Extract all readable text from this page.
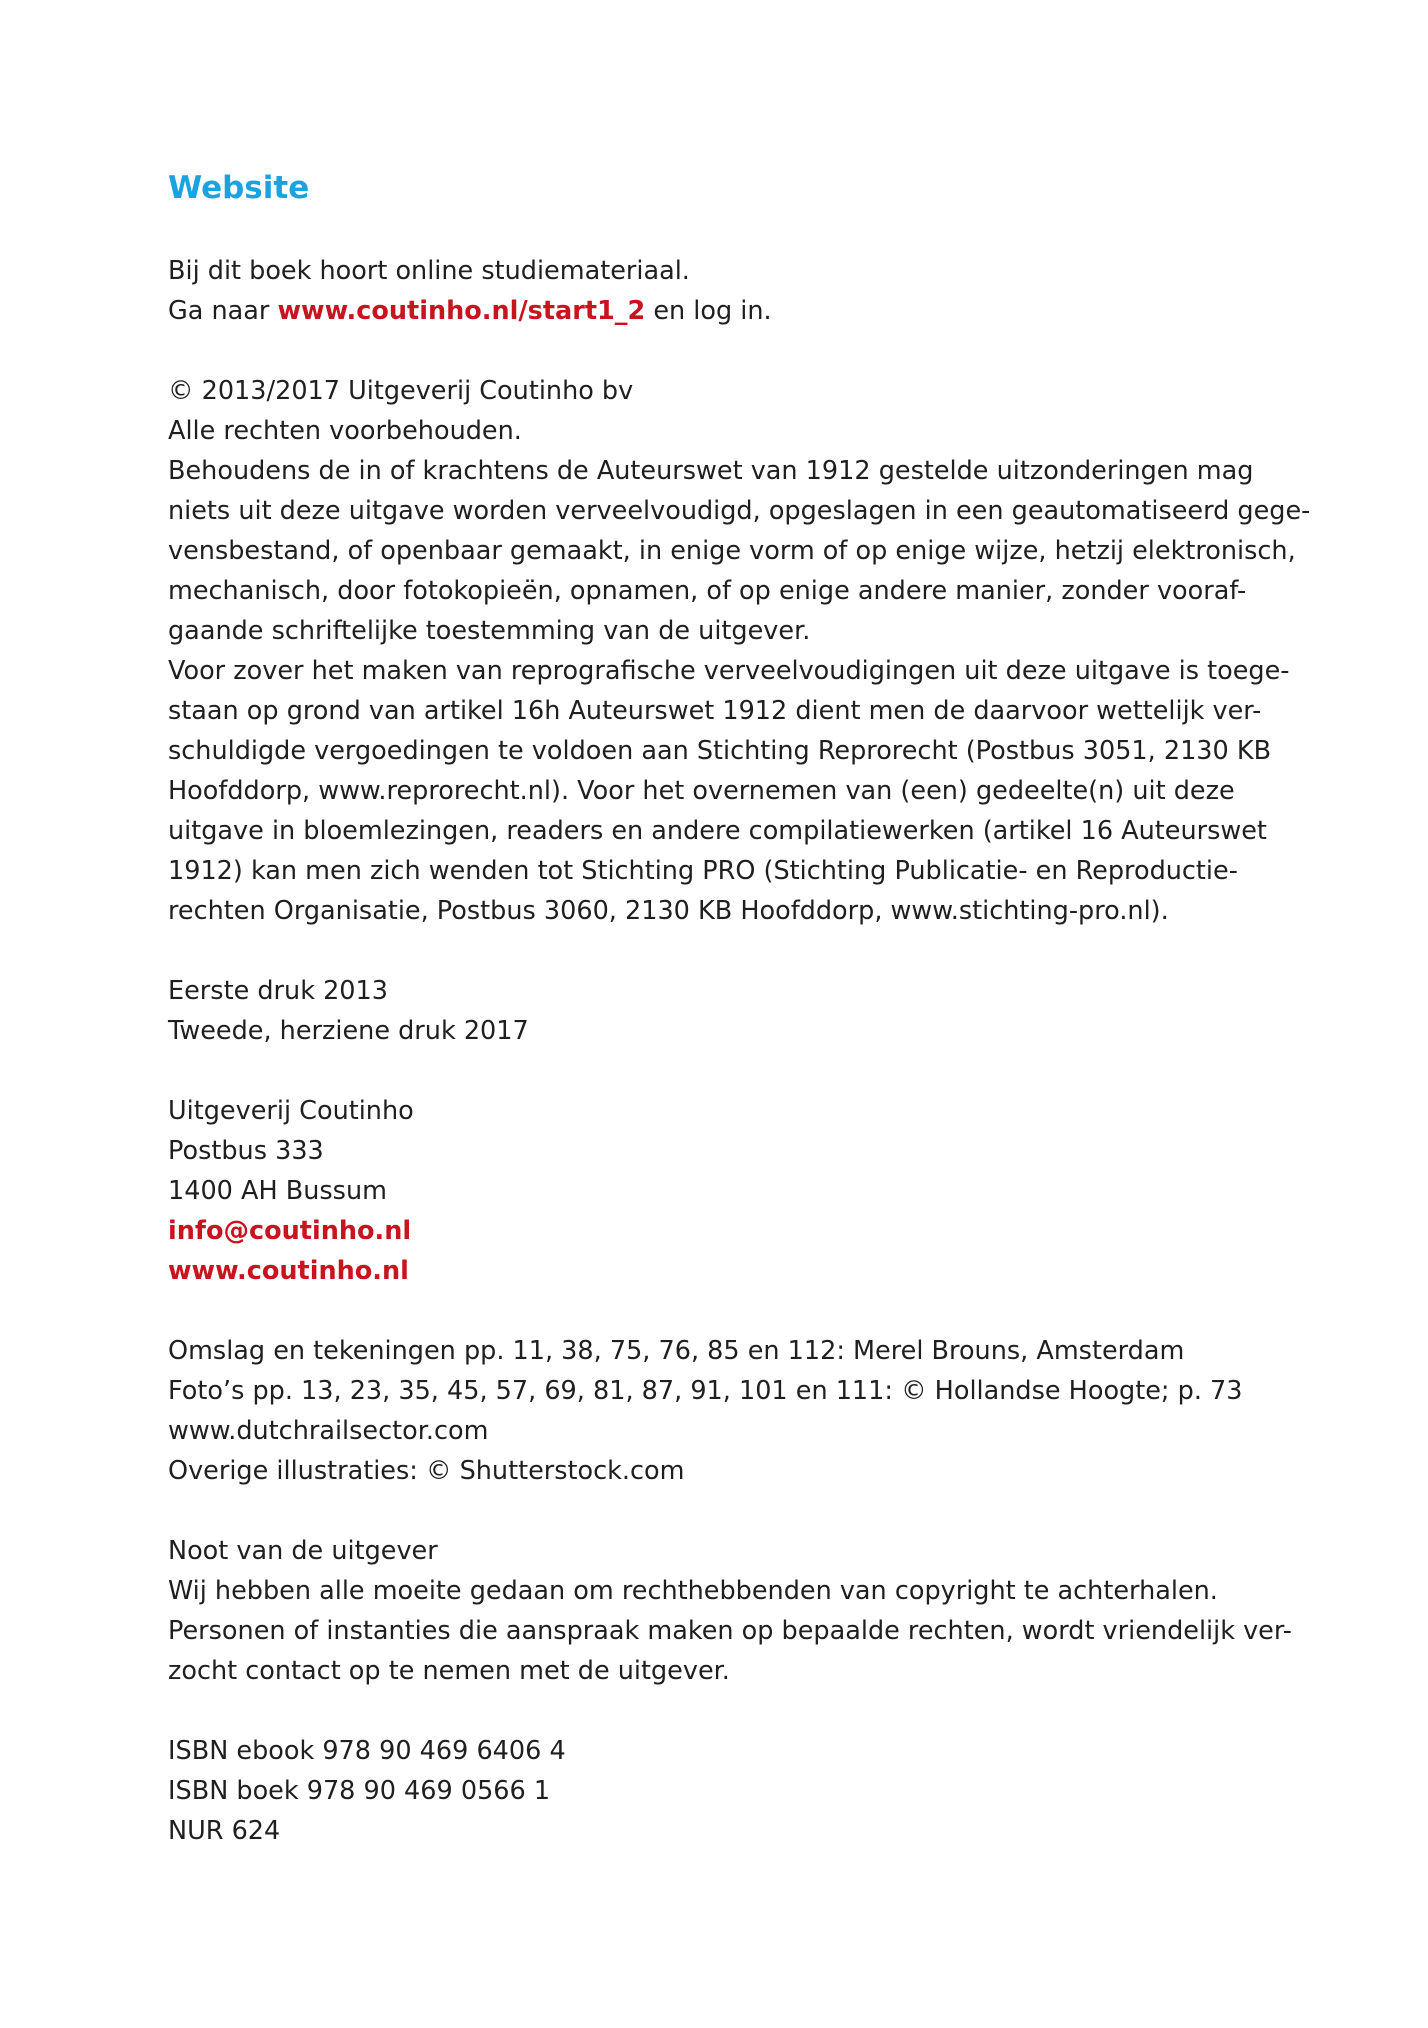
Website
Bij dit boek hoort online studiemateriaal.
Ga naar www.coutinho.nl/start1_2 en log in.
© 2013/2017 Uitgeverij Coutinho bv
Alle rechten voorbehouden.
Behoudens de in of krachtens de Auteurswet van 1912 gestelde uitzonderingen mag
niets uit deze uitgave worden verveelvoudigd, opgeslagen in een geautomatiseerd gege-
vensbestand, of openbaar gemaakt, in enige vorm of op enige wijze, hetzij elektronisch,
mechanisch, door fotokopieën, opnamen, of op enige andere manier, zonder vooraf-
gaande schriftelijke toestemming van de uitgever.
Voor zover het maken van reprografische verveelvoudigingen uit deze uitgave is toege-
staan op grond van artikel 16h Auteurswet 1912 dient men de daarvoor wettelijk ver-
schuldigde vergoedingen te voldoen aan Stichting Reprorecht (Postbus 3051, 2130 KB
Hoofddorp, www.reprorecht.nl). Voor het overnemen van (een) gedeelte(n) uit deze
uitgave in bloemlezingen, readers en andere compilatiewerken (artikel 16 Auteurswet
1912) kan men zich wenden tot Stichting PRO (Stichting Publicatie- en Reproductie-
rechten Organisatie, Postbus 3060, 2130 KB Hoofddorp, www.stichting-pro.nl).
Eerste druk 2013
Tweede, herziene druk 2017
Uitgeverij Coutinho
Postbus 333
1400 AH Bussum
info@coutinho.nl
www.coutinho.nl
Omslag en tekeningen pp. 11, 38, 75, 76, 85 en 112: Merel Brouns, Amsterdam
Foto’s pp. 13, 23, 35, 45, 57, 69, 81, 87, 91, 101 en 111: © Hollandse Hoogte; p. 73
www.dutchrailsector.com
Overige illustraties: © Shutterstock.com
Noot van de uitgever
Wij hebben alle moeite gedaan om rechthebbenden van copyright te achterhalen.
Personen of instanties die aanspraak maken op bepaalde rechten, wordt vriendelijk ver-
zocht contact op te nemen met de uitgever.
ISBN ebook 978 90 469 6406 4
ISBN boek 978 90 469 0566 1
NUR 624
